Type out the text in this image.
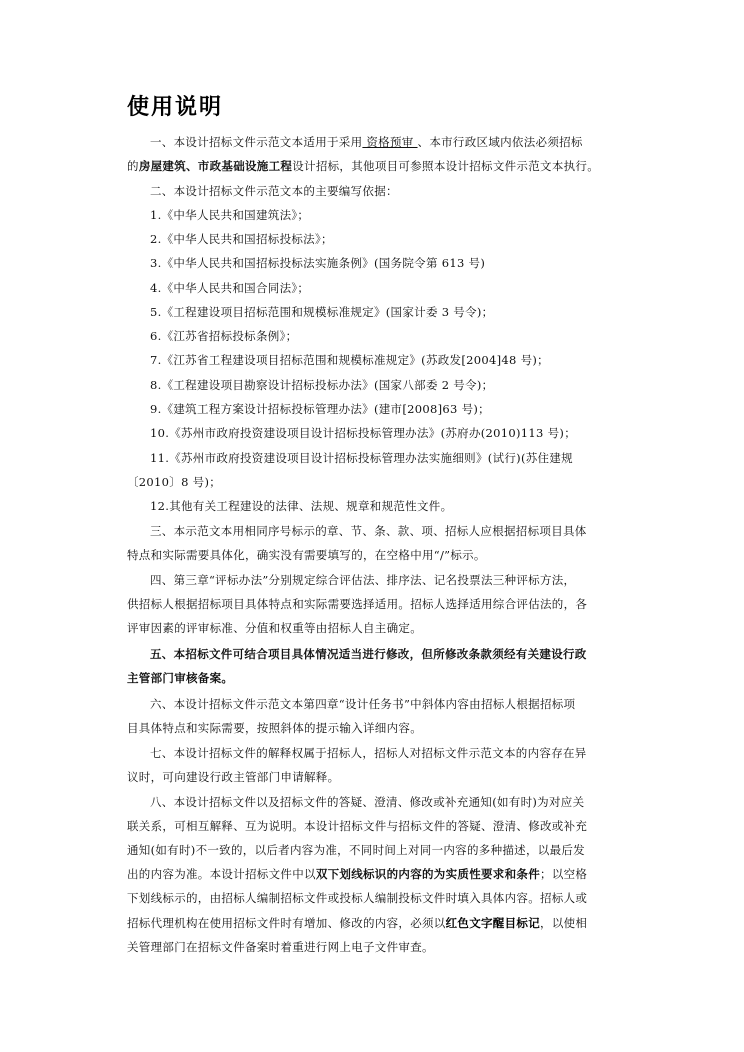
使用说明
一、本设计招标文件示范文本适用于采用 资格预审 、本市行政区域内依法必须招标
的房屋建筑、市政基础设施工程设计招标，其他项目可参照本设计招标文件示范文本执行。
二、本设计招标文件示范文本的主要编写依据：
1.《中华人民共和国建筑法》；
2.《中华人民共和国招标投标法》；
3.《中华人民共和国招标投标法实施条例》(国务院令第 613 号)
4.《中华人民共和国合同法》；
5.《工程建设项目招标范围和规模标准规定》(国家计委 3 号令)；
6.《江苏省招标投标条例》；
7.《江苏省工程建设项目招标范围和规模标准规定》(苏政发[2004]48 号)；
8.《工程建设项目勘察设计招标投标办法》(国家八部委 2 号令)；
9.《建筑工程方案设计招标投标管理办法》(建市[2008]63 号)；
10.《苏州市政府投资建设项目设计招标投标管理办法》(苏府办(2010)113 号)；
11.《苏州市政府投资建设项目设计招标投标管理办法实施细则》(试行)(苏住建规
〔2010〕8 号)；
12.其他有关工程建设的法律、法规、规章和规范性文件。
三、本示范文本用相同序号标示的章、节、条、款、项、招标人应根据招标项目具体
特点和实际需要具体化，确实没有需要填写的，在空格中用“/”标示。
四、第三章“评标办法”分别规定综合评估法、排序法、记名投票法三种评标方法，
供招标人根据招标项目具体特点和实际需要选择适用。招标人选择适用综合评估法的，各
评审因素的评审标准、分值和权重等由招标人自主确定。
五、本招标文件可结合项目具体情况适当进行修改，但所修改条款须经有关建设行政
主管部门审核备案。
六、本设计招标文件示范文本第四章“设计任务书”中斜体内容由招标人根据招标项
目具体特点和实际需要，按照斜体的提示输入详细内容。
七、本设计招标文件的解释权属于招标人，招标人对招标文件示范文本的内容存在异
议时，可向建设行政主管部门申请解释。
八、本设计招标文件以及招标文件的答疑、澄清、修改或补充通知(如有时)为对应关
联关系，可相互解释、互为说明。本设计招标文件与招标文件的答疑、澄清、修改或补充
通知(如有时)不一致的，以后者内容为准，不同时间上对同一内容的多种描述，以最后发
出的内容为准。本设计招标文件中以双下划线标识的内容的为实质性要求和条件；以空格
下划线标示的，由招标人编制招标文件或投标人编制投标文件时填入具体内容。招标人或
招标代理机构在使用招标文件时有增加、修改的内容，必须以红色文字醒目标记，以使相
关管理部门在招标文件备案时着重进行网上电子文件审查。
